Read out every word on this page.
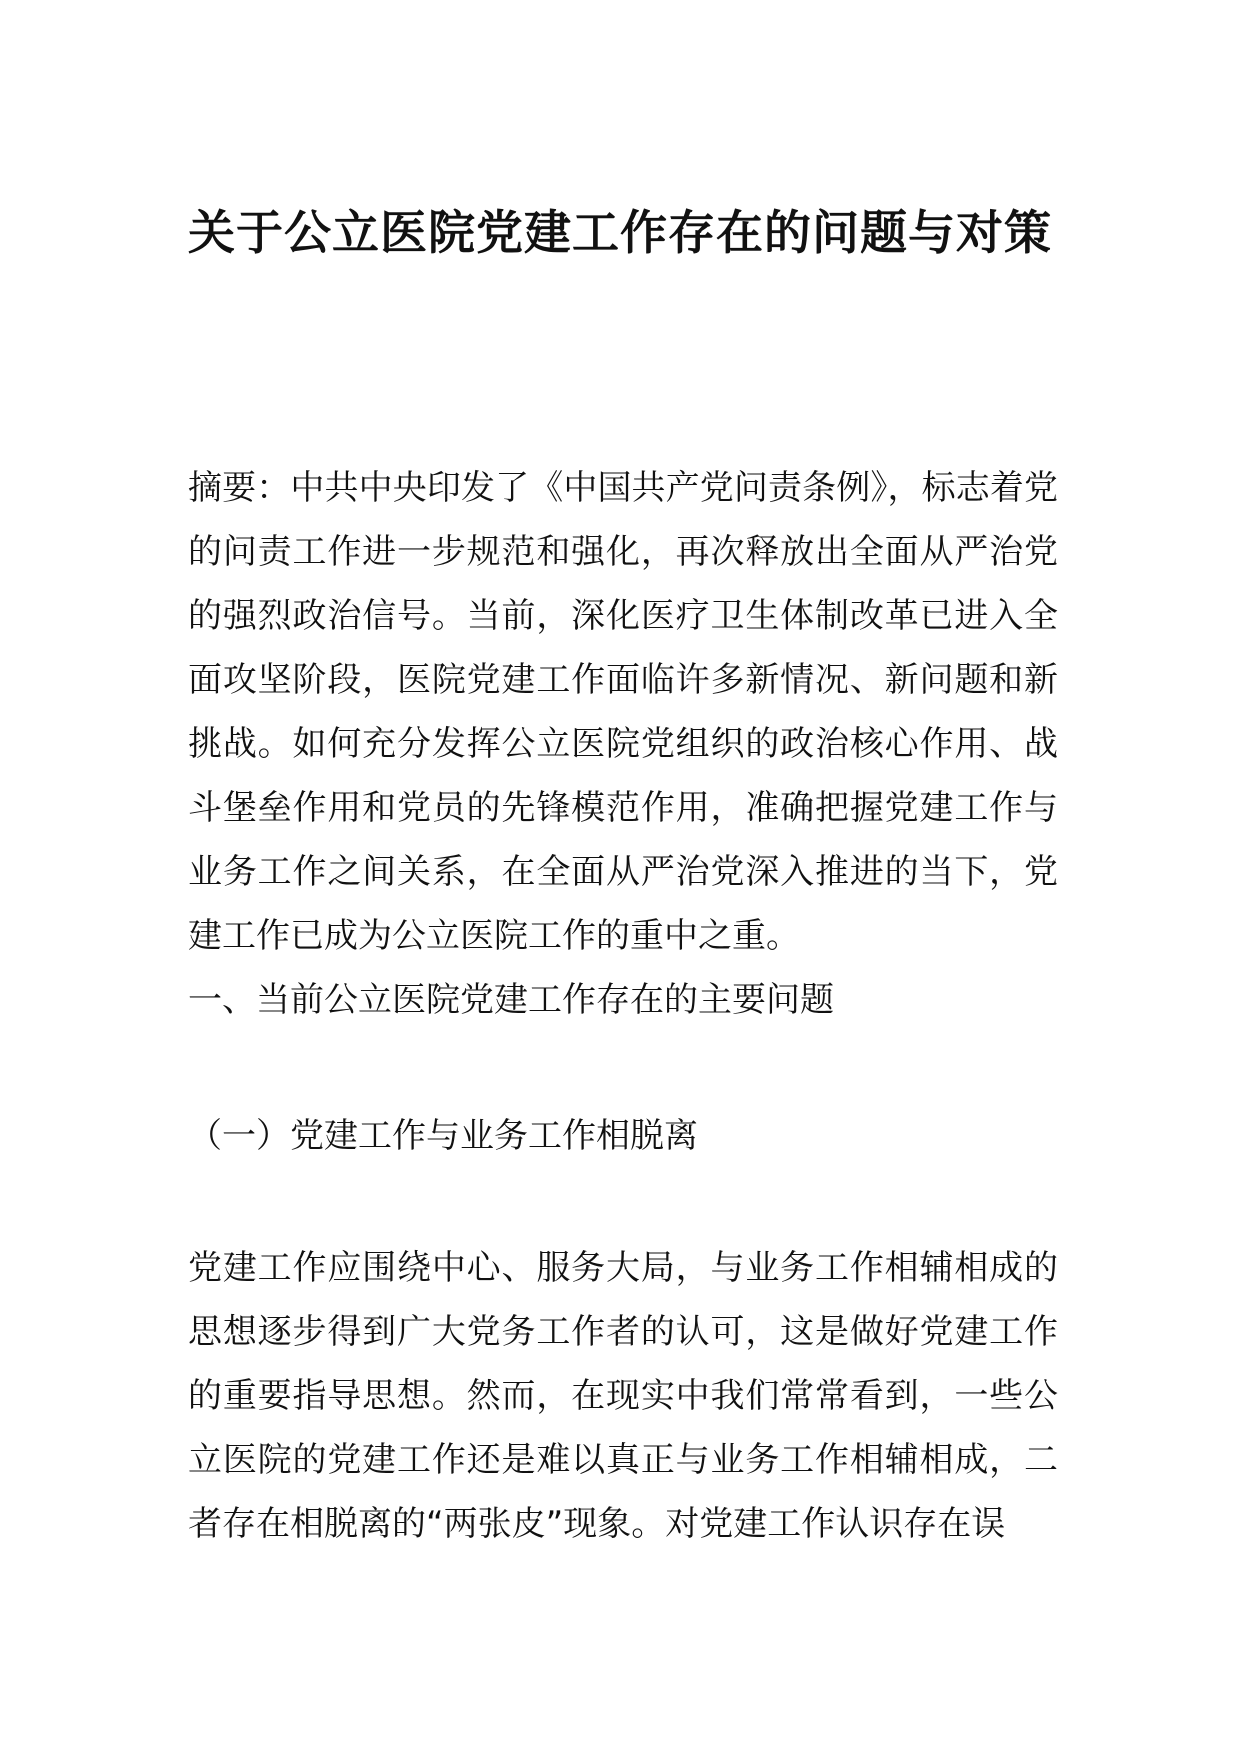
关于公立医院党建工作存在的问题与对策

摘要：中共中央印发了《中国共产党问责条例》，标志着党的问责工作进一步规范和强化，再次释放出全面从严治党的强烈政治信号。当前，深化医疗卫生体制改革已进入全面攻坚阶段，医院党建工作面临许多新情况、新问题和新挑战。如何充分发挥公立医院党组织的政治核心作用、战斗堡垒作用和党员的先锋模范作用，准确把握党建工作与业务工作之间关系，在全面从严治党深入推进的当下，党建工作已成为公立医院工作的重中之重。

一、当前公立医院党建工作存在的主要问题

（一）党建工作与业务工作相脱离

党建工作应围绕中心、服务大局，与业务工作相辅相成的思想逐步得到广大党务工作者的认可，这是做好党建工作的重要指导思想。然而，在现实中我们常常看到，一些公立医院的党建工作还是难以真正与业务工作相辅相成，二者存在相脱离的“两张皮”现象。对党建工作认识存在误
